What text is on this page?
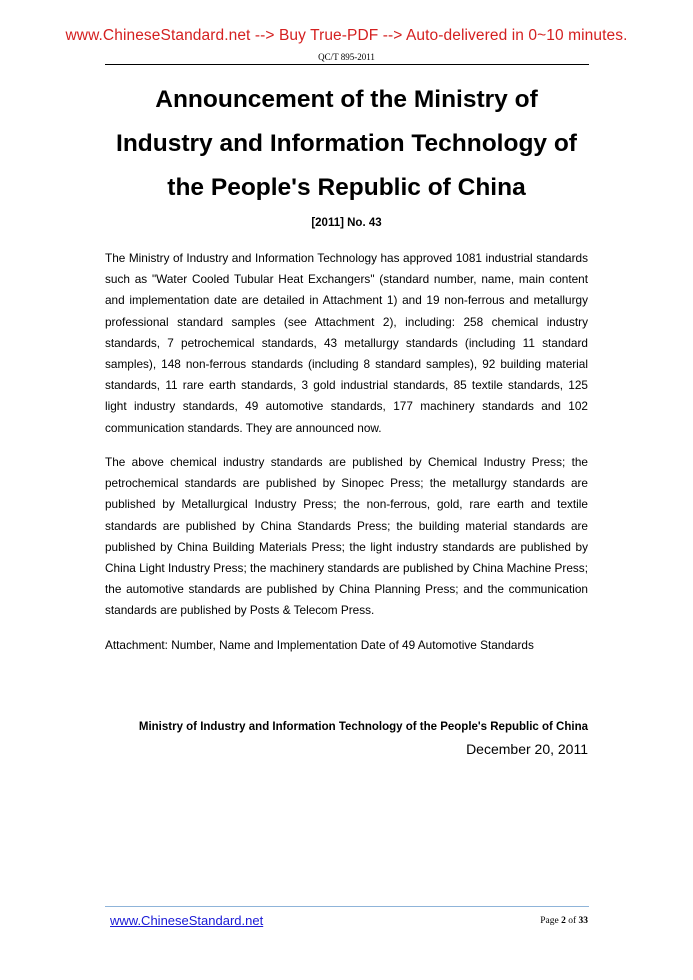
www.ChineseStandard.net --> Buy True-PDF --> Auto-delivered in 0~10 minutes.
QC/T 895-2011
Announcement of the Ministry of
Industry and Information Technology of
the People's Republic of China
[2011] No. 43

The Ministry of Industry and Information Technology has approved 1081 industrial standards such as "Water Cooled Tubular Heat Exchangers" (standard number, name, main content and implementation date are detailed in Attachment 1) and 19 non-ferrous and metallurgy professional standard samples (see Attachment 2), including: 258 chemical industry standards, 7 petrochemical standards, 43 metallurgy standards (including 11 standard samples), 148 non-ferrous standards (including 8 standard samples), 92 building material standards, 11 rare earth standards, 3 gold industrial standards, 85 textile standards, 125 light industry standards, 49 automotive standards, 177 machinery standards and 102 communication standards. They are announced now.

The above chemical industry standards are published by Chemical Industry Press; the petrochemical standards are published by Sinopec Press; the metallurgy standards are published by Metallurgical Industry Press; the non-ferrous, gold, rare earth and textile standards are published by China Standards Press; the building material standards are published by China Building Materials Press; the light industry standards are published by China Light Industry Press; the machinery standards are published by China Machine Press; the automotive standards are published by China Planning Press; and the communication standards are published by Posts & Telecom Press.

Attachment: Number, Name and Implementation Date of 49 Automotive Standards

Ministry of Industry and Information Technology of the People's Republic of China
December 20, 2011
www.ChineseStandard.net	Page 2 of 33
